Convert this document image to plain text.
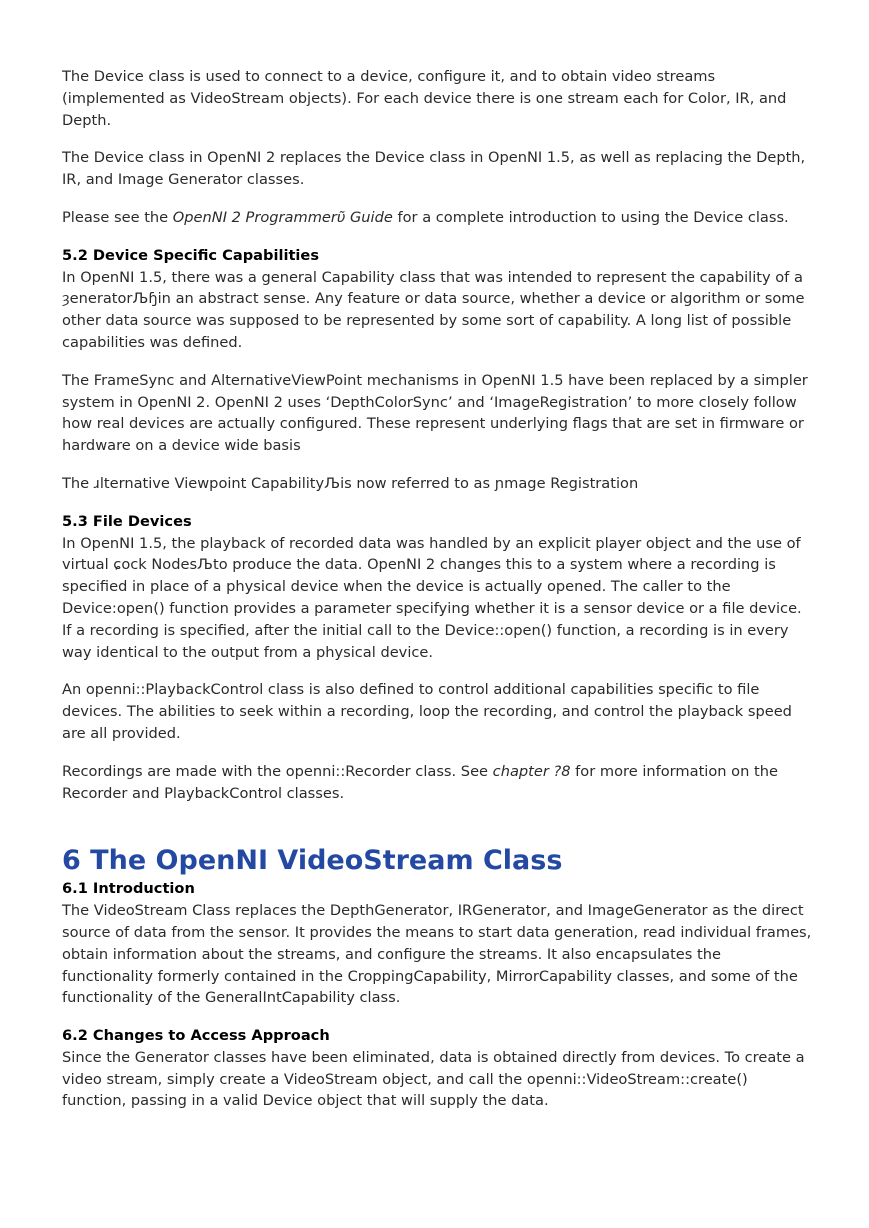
The Device class is used to connect to a device, configure it, and to obtain video streams (implemented as VideoStream objects). For each device there is one stream each for Color, IR, and Depth.

The Device class in OpenNI 2 replaces the Device class in OpenNI 1.5, as well as replacing the Depth, IR, and Image Generator classes.

Please see the OpenNI 2 Programmerῦ Guide for a complete introduction to using the Device class.

5.2 Device Specific Capabilities

In OpenNI 1.5, there was a general Capability class that was intended to represent the capability of a ȝeneratorЉɧin an abstract sense. Any feature or data source, whether a device or algorithm or some other data source was supposed to be represented by some sort of capability. A long list of possible capabilities was defined.

The FrameSync and AlternativeViewPoint mechanisms in OpenNI 1.5 have been replaced by a simpler system in OpenNI 2. OpenNI 2 uses ‘DepthColorSync’ and ‘ImageRegistration’ to more closely follow how real devices are actually configured. These represent underlying flags that are set in firmware or hardware on a device wide basis

The ɹlternative Viewpoint CapabilityЉis now referred to as ɲmage Registration

5.3 File Devices

In OpenNI 1.5, the playback of recorded data was handled by an explicit player object and the use of virtual ɕock NodesЉto produce the data. OpenNI 2 changes this to a system where a recording is specified in place of a physical device when the device is actually opened. The caller to the Device:open() function provides a parameter specifying whether it is a sensor device or a file device. If a recording is specified, after the initial call to the Device::open() function, a recording is in every way identical to the output from a physical device.

An openni::PlaybackControl class is also defined to control additional capabilities specific to file devices. The abilities to seek within a recording, loop the recording, and control the playback speed are all provided.

Recordings are made with the openni::Recorder class. See chapter ?8 for more information on the Recorder and PlaybackControl classes.

6 The OpenNI VideoStream Class
6.1 Introduction

The VideoStream Class replaces the DepthGenerator, IRGenerator, and ImageGenerator as the direct source of data from the sensor. It provides the means to start data generation, read individual frames, obtain information about the streams, and configure the streams. It also encapsulates the functionality formerly contained in the CroppingCapability, MirrorCapability classes, and some of the functionality of the GeneralIntCapability class.

6.2 Changes to Access Approach

Since the Generator classes have been eliminated, data is obtained directly from devices. To create a video stream, simply create a VideoStream object, and call the openni::VideoStream::create() function, passing in a valid Device object that will supply the data.
